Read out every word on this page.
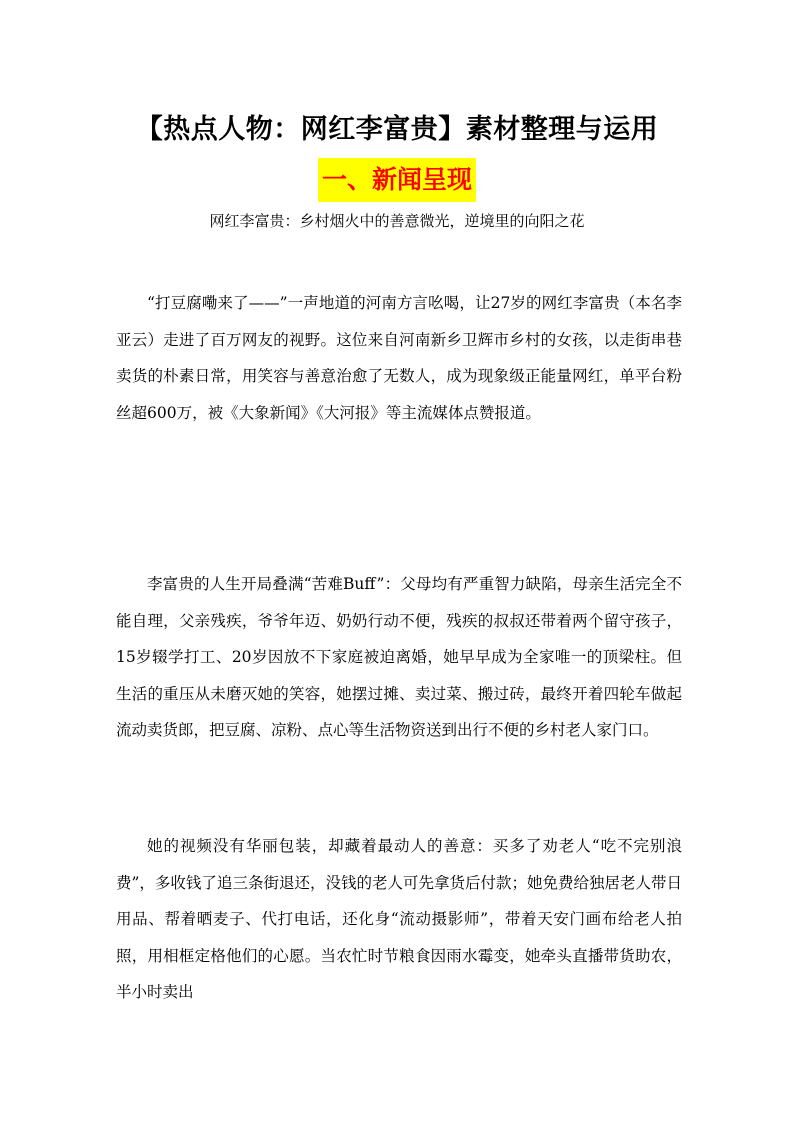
【热点人物：网红李富贵】素材整理与运用
一、新闻呈现
网红李富贵：乡村烟火中的善意微光，逆境里的向阳之花

“打豆腐嘞来了——”一声地道的河南方言吆喝，让27岁的网红李富贵（本名李亚云）走进了百万网友的视野。这位来自河南新乡卫辉市乡村的女孩，以走街串巷卖货的朴素日常，用笑容与善意治愈了无数人，成为现象级正能量网红，单平台粉丝超600万，被《大象新闻》《大河报》等主流媒体点赞报道。

李富贵的人生开局叠满“苦难Buff”：父母均有严重智力缺陷，母亲生活完全不能自理，父亲残疾，爷爷年迈、奶奶行动不便，残疾的叔叔还带着两个留守孩子，15岁辍学打工、20岁因放不下家庭被迫离婚，她早早成为全家唯一的顶梁柱。但生活的重压从未磨灭她的笑容，她摆过摊、卖过菜、搬过砖，最终开着四轮车做起流动卖货郎，把豆腐、凉粉、点心等生活物资送到出行不便的乡村老人家门口。

她的视频没有华丽包装，却藏着最动人的善意：买多了劝老人“吃不完别浪费”，多收钱了追三条街退还，没钱的老人可先拿货后付款；她免费给独居老人带日用品、帮着晒麦子、代打电话，还化身“流动摄影师”，带着天安门画布给老人拍照，用相框定格他们的心愿。当农忙时节粮食因雨水霉变，她牵头直播带货助农，半小时卖出
